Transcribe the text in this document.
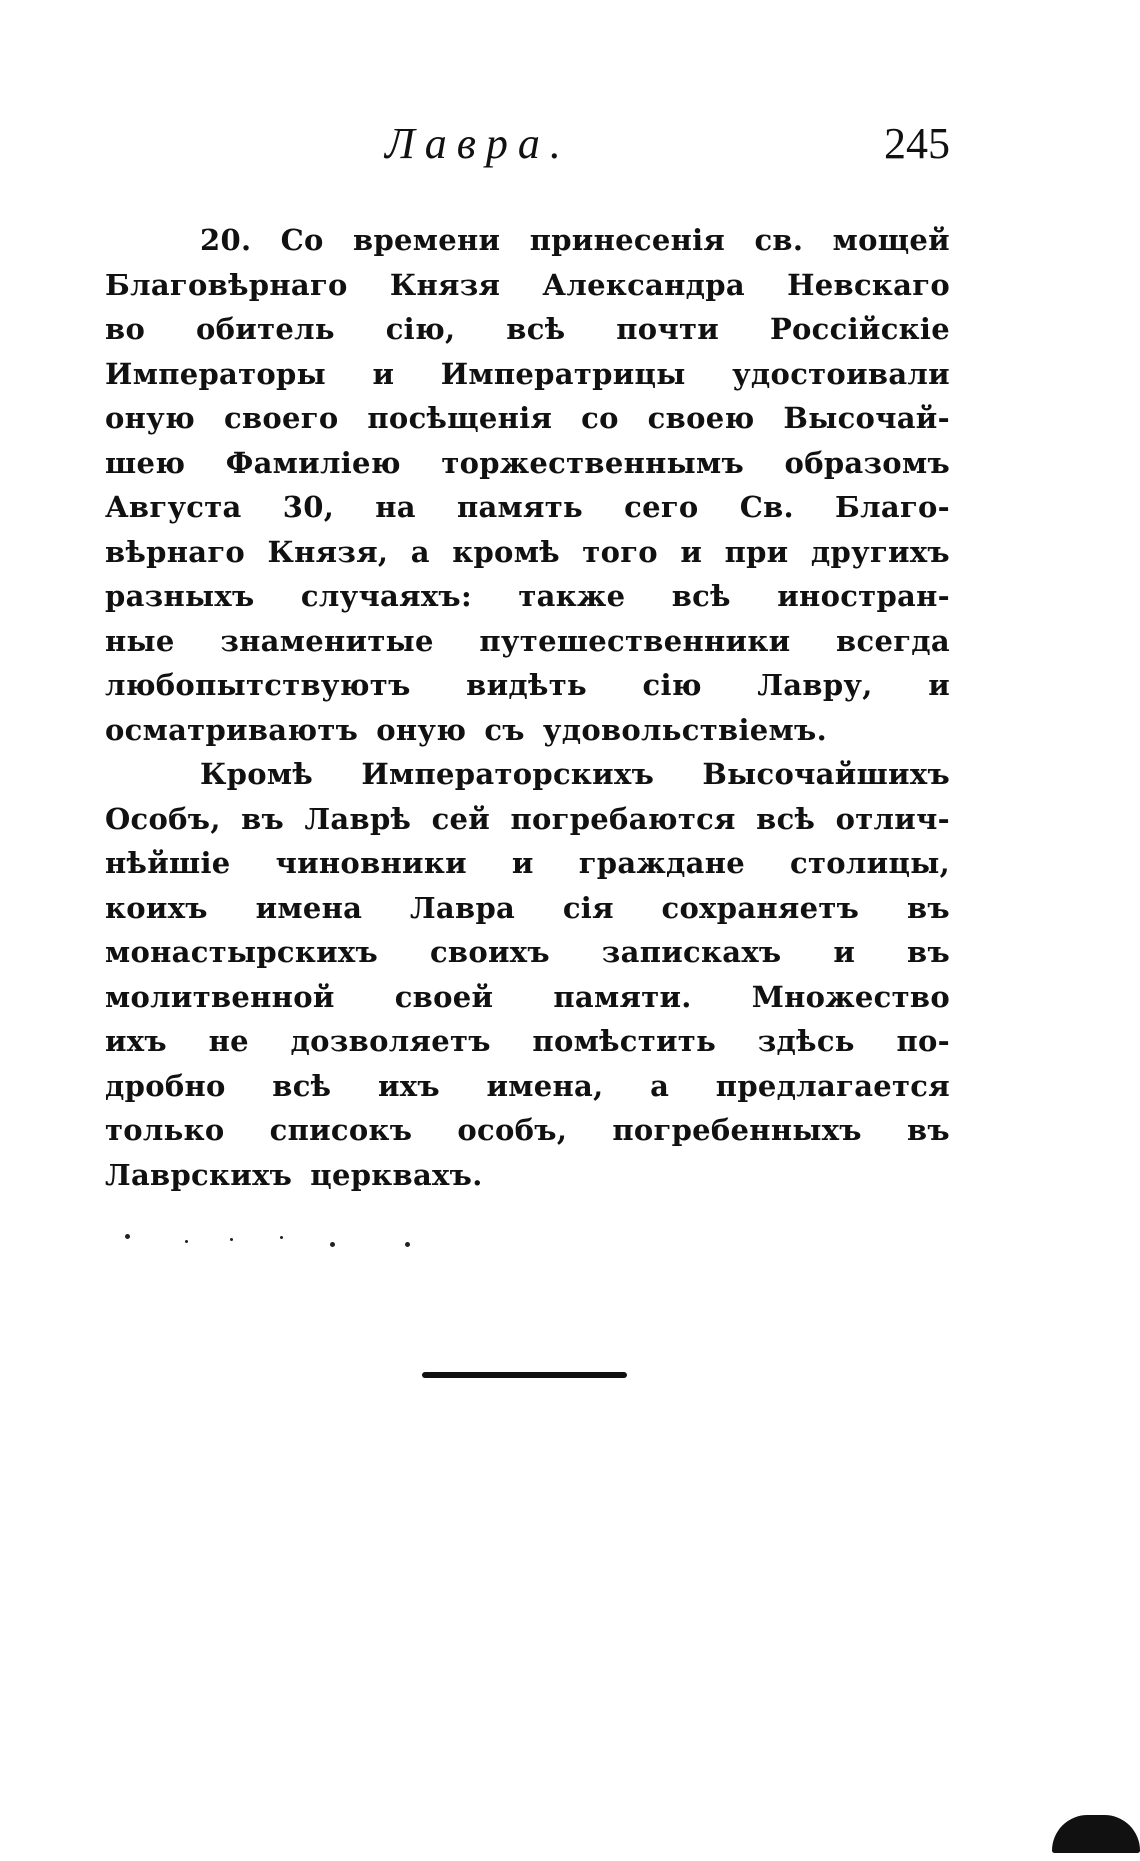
Лавра.	245
20. Со времени принесенія св. мощей
Благовѣрнаго Князя Александра Невскаго
во обитель сію, всѣ почти Россійскіе
Императоры и Императрицы удостоивали
оную своего посѣщенія со своею Высочай-
шею Фамиліею торжественнымъ образомъ
Августа 30, на память сего Св. Благо-
вѣрнаго Князя, а кромѣ того и при другихъ
разныхъ случаяхъ: также всѣ иностран-
ные знаменитые путешественники всегда
любопытствуютъ видѣть сію Лавру, и
осматриваютъ оную съ удовольствіемъ.
Кромѣ Императорскихъ Высочайшихъ
Особъ, въ Лаврѣ сей погребаются всѣ отлич-
нѣйшіе чиновники и граждане столицы,
коихъ имена Лавра сія сохраняетъ въ
монастырскихъ своихъ запискахъ и въ
молитвенной своей памяти. Множество
ихъ не дозволяетъ помѣстить здѣсь по-
дробно всѣ ихъ имена, а предлагается
только списокъ особъ, погребенныхъ въ
Лаврскихъ церквахъ.
